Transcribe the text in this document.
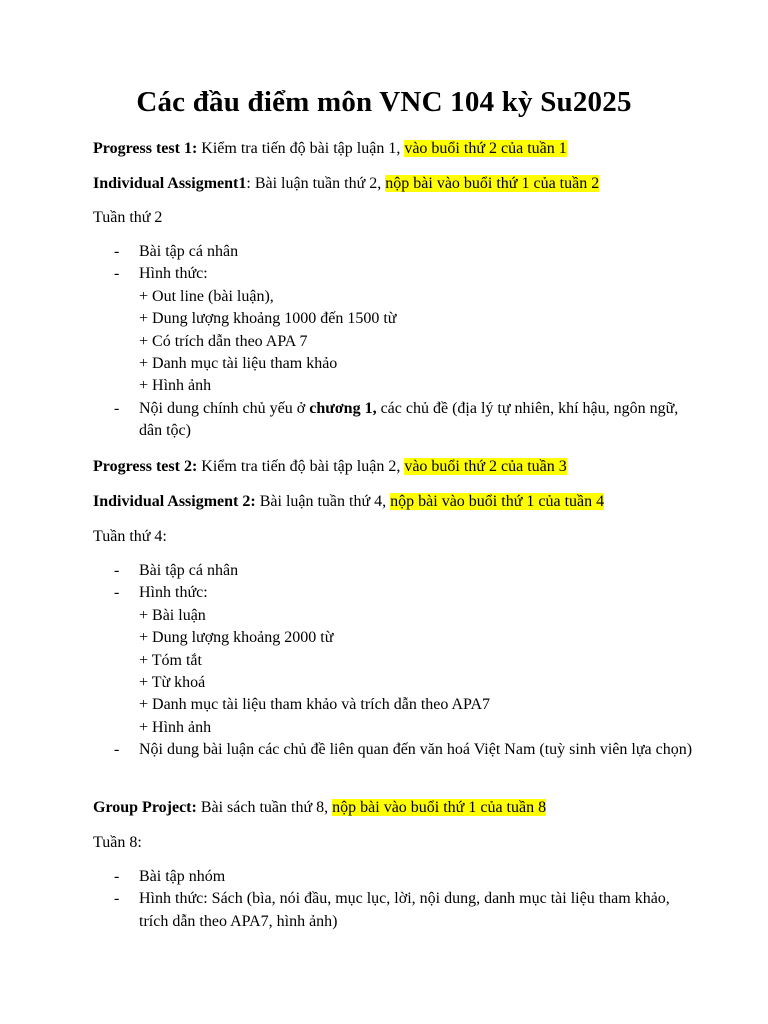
Các đầu điểm môn VNC 104 kỳ Su2025

Progress test 1: Kiểm tra tiến độ bài tập luận 1, vào buổi thứ 2 của tuần 1

Individual Assigment1: Bài luận tuần thứ 2, nộp bài vào buổi thứ 1 của tuần 2

Tuần thứ 2

- Bài tập cá nhân
- Hình thức:
+ Out line (bài luận),
+ Dung lượng khoảng 1000 đến 1500 từ
+ Có trích dẫn theo APA 7
+ Danh mục tài liệu tham khảo
+ Hình ảnh
- Nội dung chính chủ yếu ở chương 1, các chủ đề (địa lý tự nhiên, khí hậu, ngôn ngữ, dân tộc)

Progress test 2: Kiểm tra tiến độ bài tập luận 2, vào buổi thứ 2 của tuần 3

Individual Assigment 2: Bài luận tuần thứ 4, nộp bài vào buổi thứ 1 của tuần 4

Tuần thứ 4:

- Bài tập cá nhân
- Hình thức:
+ Bài luận
+ Dung lượng khoảng 2000 từ
+ Tóm tắt
+ Từ khoá
+ Danh mục tài liệu tham khảo và trích dẫn theo APA7
+ Hình ảnh
- Nội dung bài luận các chủ đề liên quan đến văn hoá Việt Nam (tuỳ sinh viên lựa chọn)

Group Project: Bài sách tuần thứ 8, nộp bài vào buổi thứ 1 của tuần 8

Tuần 8:

- Bài tập nhóm
- Hình thức: Sách (bìa, nói đầu, mục lục, lời, nội dung, danh mục tài liệu tham khảo, trích dẫn theo APA7, hình ảnh)
